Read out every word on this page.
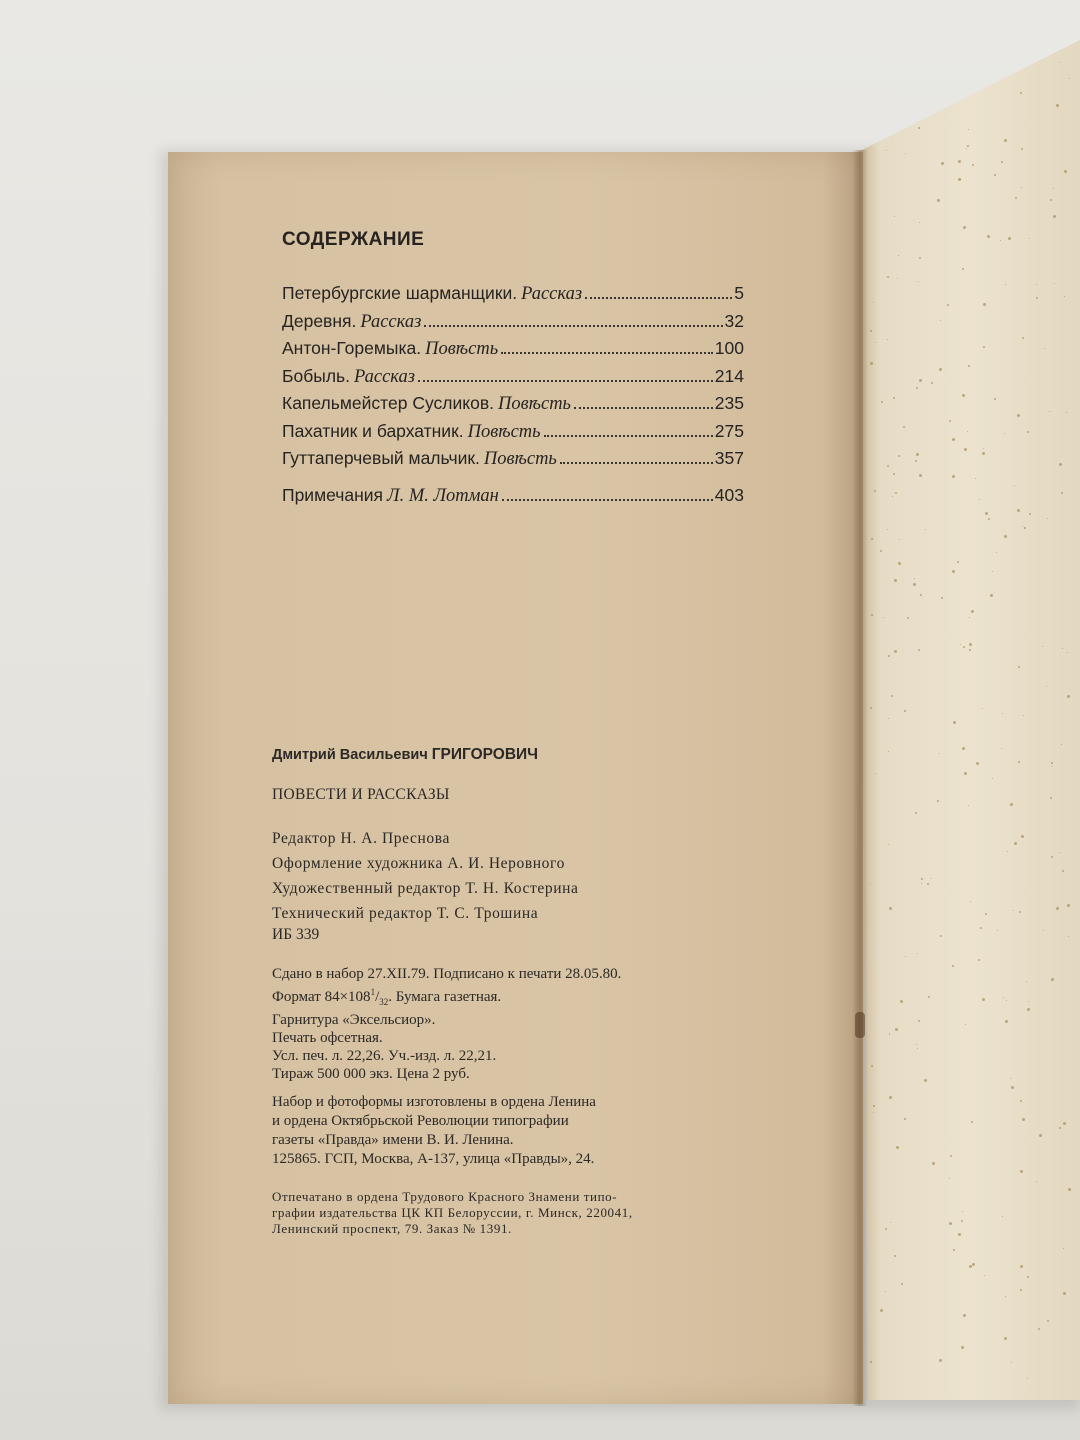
СОДЕРЖАНИЕ
Петербургские шарманщики. Рассказ	5
Деревня. Рассказ	32
Антон-Горемыка. Повѣсть	100
Бобыль. Рассказ	214
Капельмейстер Сусликов. Повѣсть	235
Пахатник и бархатник. Повѣсть	275
Гуттаперчевый мальчик. Повѣсть	357
Примечания Л. М. Лотман	403

Дмитрий Васильевич ГРИГОРОВИЧ

ПОВЕСТИ И РАССКАЗЫ

Редактор Н. А. Преснова
Оформление художника А. И. Неровного
Художественный редактор Т. Н. Костерина
Технический редактор Т. С. Трошина

ИБ 339

Сдано в набор 27.XII.79. Подписано к печати 28.05.80.
Формат $84\times 108^1/_{32}$. Бумага газетная.
Гарнитура «Эксельсиор».
Печать офсетная.
Усл. печ. л. 22,26. Уч.-изд. л. 22,21.
Тираж 500 000 экз. Цена 2 руб.
Набор и фотоформы изготовлены в ордена Ленина
и ордена Октябрьской Революции типографии
газеты «Правда» имени В. И. Ленина.
125865. ГСП, Москва, А-137, улица «Правды», 24.
Отпечатано в ордена Трудового Красного Знамени типо-
графии издательства ЦК КП Белоруссии, г. Минск, 220041,
Ленинский проспект, 79. Заказ № 1391.
